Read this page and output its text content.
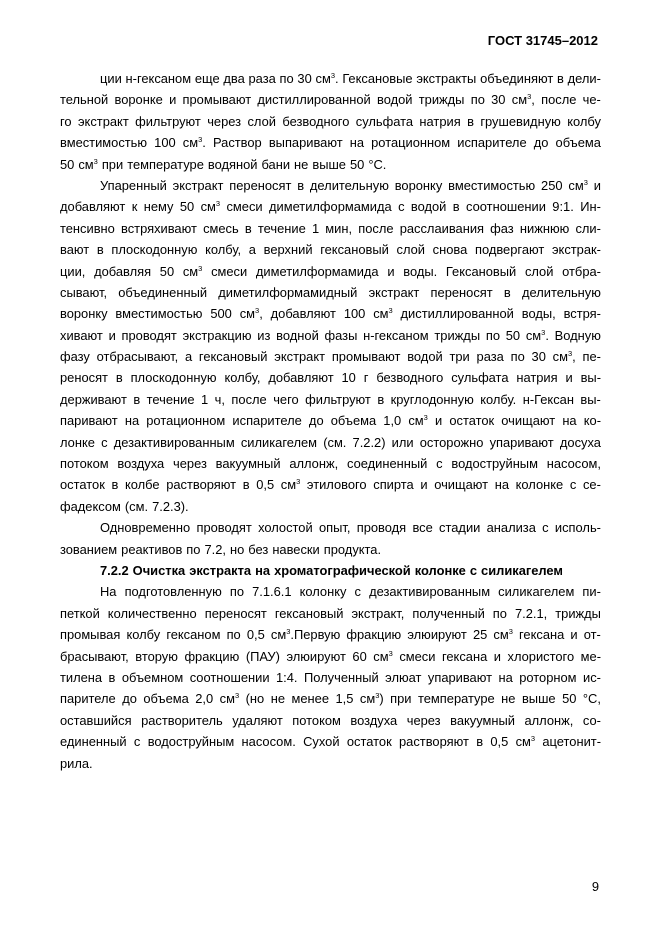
ГОСТ 31745–2012
ции н-гексаном еще два раза по 30 $см^3$. Гексановые экстракты объединяют в дели-
тельной воронке и промывают дистиллированной водой трижды по 30 $см^3$, после че-
го экстракт фильтруют через слой безводного сульфата натрия в грушевидную колбу
вместимостью 100 $см^3$. Раствор выпаривают на ротационном испарителе до объема
50 $см^3$ при температуре водяной бани не выше 50 °С.
Упаренный экстракт переносят в делительную воронку вместимостью 250 $см^3$ и
добавляют к нему 50 $см^3$ смеси диметилформамида с водой в соотношении 9:1. Ин-
тенсивно встряхивают смесь в течение 1 мин, после расслаивания фаз нижнюю сли-
вают в плоскодонную колбу, а верхний гексановый слой снова подвергают экстрак-
ции, добавляя 50 $см^3$ смеси диметилформамида и воды. Гексановый слой отбра-
сывают, объединенный диметилформамидный экстракт переносят в делительную
воронку вместимостью 500 $см^3$, добавляют 100 $см^3$ дистиллированной воды, встря-
хивают и проводят экстракцию из водной фазы н-гексаном трижды по 50 $см^3$. Водную
фазу отбрасывают, а гексановый экстракт промывают водой три раза по 30 $см^3$, пе-
реносят в плоскодонную колбу, добавляют 10 г безводного сульфата натрия и вы-
держивают в течение 1 ч, после чего фильтруют в круглодонную колбу. н-Гексан вы-
паривают на ротационном испарителе до объема 1,0 $см^3$ и остаток очищают на ко-
лонке с дезактивированным силикагелем (см. 7.2.2) или осторожно упаривают досуха
потоком воздуха через вакуумный аллонж, соединенный с водоструйным насосом,
остаток в колбе растворяют в 0,5 $см^3$ этилового спирта и очищают на колонке с се-
фадексом (см. 7.2.3).
Одновременно проводят холостой опыт, проводя все стадии анализа с исполь-
зованием реактивов по 7.2, но без навески продукта.
7.2.2 Очистка экстракта на хроматографической колонке с силикагелем
На подготовленную по 7.1.6.1 колонку с дезактивированным силикагелем пи-
петкой количественно переносят гексановый экстракт, полученный по 7.2.1, трижды
промывая колбу гексаном по 0,5 $см^3.Первую$ фракцию элюируют 25 $см^3$ гексана и от-
брасывают, вторую фракцию (ПАУ) элюируют 60 $см^3$ смеси гексана и хлористого ме-
тилена в объемном соотношении 1:4. Полученный элюат упаривают на роторном ис-
парителе до объема 2,0 $см^3$ (но не менее 1,5 $см^3$) при температуре не выше 50 °С,
оставшийся растворитель удаляют потоком воздуха через вакуумный аллонж, со-
единенный с водоструйным насосом. Сухой остаток растворяют в 0,5 $см^3$ ацетонит-
рила.
9
